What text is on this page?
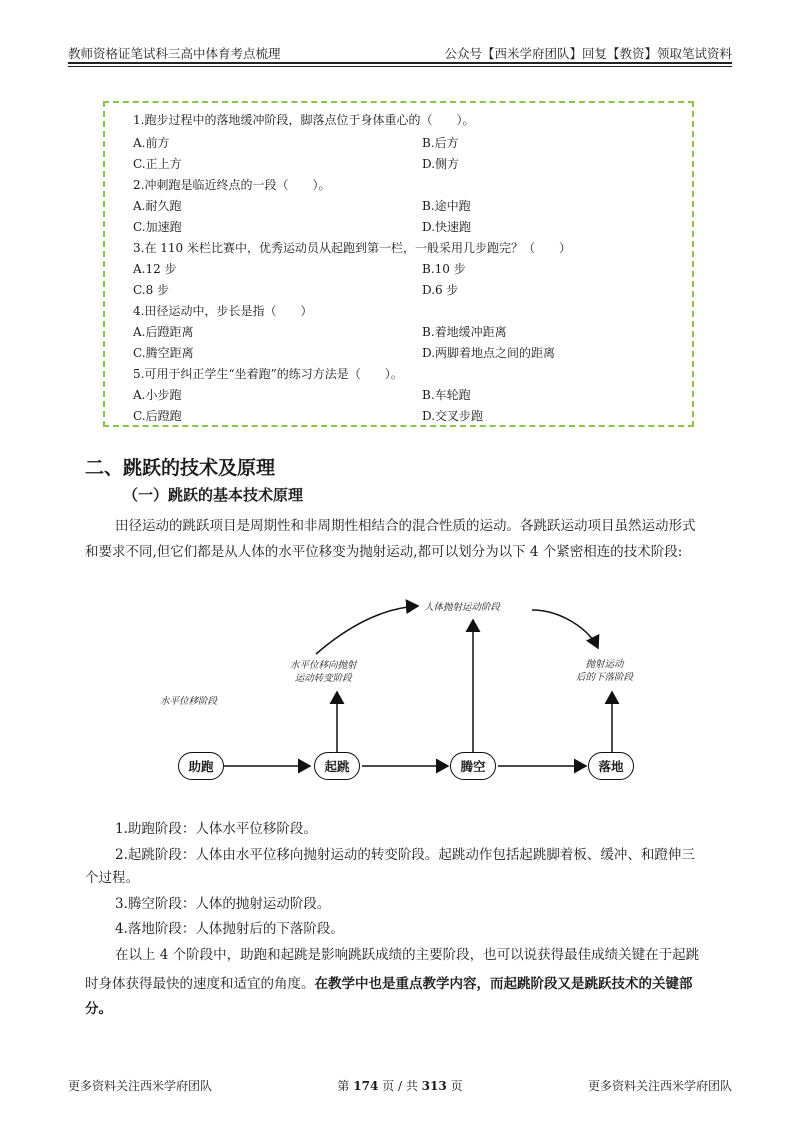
教师资格证笔试科三高中体育考点梳理	公众号【西米学府团队】回复【教资】领取笔试资料
1.跑步过程中的落地缓冲阶段，脚落点位于身体重心的（　　）。
A.前方	B.后方
C.正上方	D.侧方
2.冲刺跑是临近终点的一段（　　）。
A.耐久跑	B.途中跑
C.加速跑	D.快速跑
3.在 110 米栏比赛中，优秀运动员从起跑到第一栏，一般采用几步跑完？（　　）
A.12 步	B.10 步
C.8 步	D.6 步
4.田径运动中，步长是指（　　）
A.后蹬距离	B.着地缓冲距离
C.腾空距离	D.两脚着地点之间的距离
5.可用于纠正学生“坐着跑”的练习方法是（　　）。
A.小步跑	B.车轮跑
C.后蹬跑	D.交叉步跑
二、跳跃的技术及原理
（一）跳跃的基本技术原理
田径运动的跳跃项目是周期性和非周期性相结合的混合性质的运动。各跳跃运动项目虽然运动形式
和要求不同,但它们都是从人体的水平位移变为抛射运动,都可以划分为以下 4 个紧密相连的技术阶段:
助跑	起跳	腾空	落地
水平位移阶段
水平位移向抛射
运动转变阶段
人体抛射运动阶段
抛射运动
后的下落阶段
1.助跑阶段：人体水平位移阶段。
2.起跳阶段：人体由水平位移向抛射运动的转变阶段。起跳动作包括起跳脚着板、缓冲、和蹬伸三
个过程。
3.腾空阶段：人体的抛射运动阶段。
4.落地阶段：人体抛射后的下落阶段。
在以上 4 个阶段中，助跑和起跳是影响跳跃成绩的主要阶段，也可以说获得最佳成绩关键在于起跳
时身体获得最快的速度和适宜的角度。在教学中也是重点教学内容，而起跳阶段又是跳跃技术的关键部
分。
更多资料关注西米学府团队	第 174 页 / 共 313 页	更多资料关注西米学府团队
